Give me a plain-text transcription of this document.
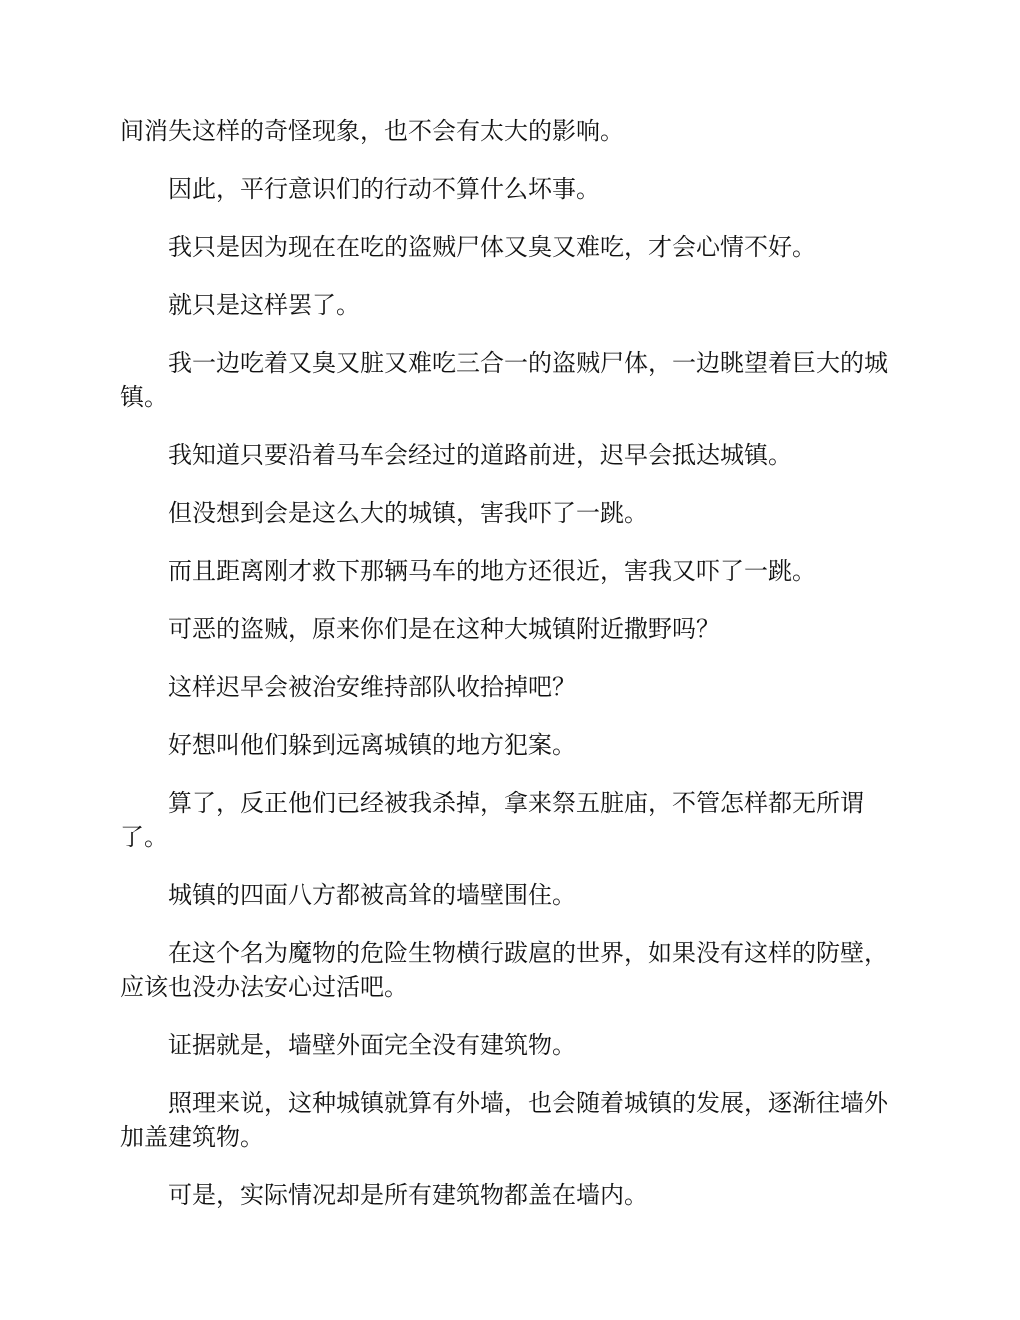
间消失这样的奇怪现象，也不会有太大的影响。

因此，平行意识们的行动不算什么坏事。

我只是因为现在在吃的盗贼尸体又臭又难吃，才会心情不好。

就只是这样罢了。

我一边吃着又臭又脏又难吃三合一的盗贼尸体，一边眺望着巨大的城镇。

我知道只要沿着马车会经过的道路前进，迟早会抵达城镇。

但没想到会是这么大的城镇，害我吓了一跳。

而且距离刚才救下那辆马车的地方还很近，害我又吓了一跳。

可恶的盗贼，原来你们是在这种大城镇附近撒野吗？

这样迟早会被治安维持部队收拾掉吧？

好想叫他们躲到远离城镇的地方犯案。

算了，反正他们已经被我杀掉，拿来祭五脏庙，不管怎样都无所谓了。

城镇的四面八方都被高耸的墙壁围住。

在这个名为魔物的危险生物横行跋扈的世界，如果没有这样的防壁，应该也没办法安心过活吧。

证据就是，墙壁外面完全没有建筑物。

照理来说，这种城镇就算有外墙，也会随着城镇的发展，逐渐往墙外加盖建筑物。

可是，实际情况却是所有建筑物都盖在墙内。
